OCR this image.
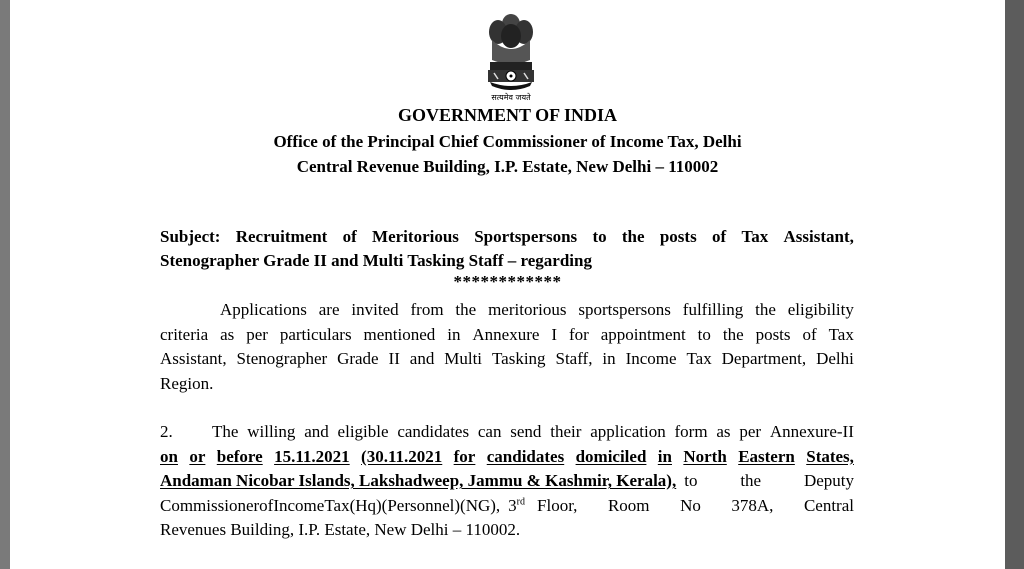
सत्यमेव जयते
GOVERNMENT OF INDIA
Office of the Principal Chief Commissioner of Income Tax, Delhi
Central Revenue Building, I.P. Estate, New Delhi – 110002
Subject: Recruitment of Meritorious Sportspersons to the posts of Tax Assistant,
Stenographer Grade II and Multi Tasking Staff – regarding
************
Applications are invited from the meritorious sportspersons fulfilling the eligibility
criteria as per particulars mentioned in Annexure I for appointment to the posts of Tax
Assistant, Stenographer Grade II and Multi Tasking Staff, in Income Tax Department, Delhi
Region.
2.	The willing and eligible candidates can send their application form as per Annexure-II
on or before 15.11.2021 (30.11.2021 for candidates domiciled in North Eastern States,
Andaman Nicobar Islands, Lakshadweep, Jammu & Kashmir, Kerala), to	the	Deputy
Commissioner of Income Tax (Hq)(Personnel)(NG), 3rd Floor, Room No 378A, Central
Revenues Building, I.P. Estate, New Delhi – 110002.
